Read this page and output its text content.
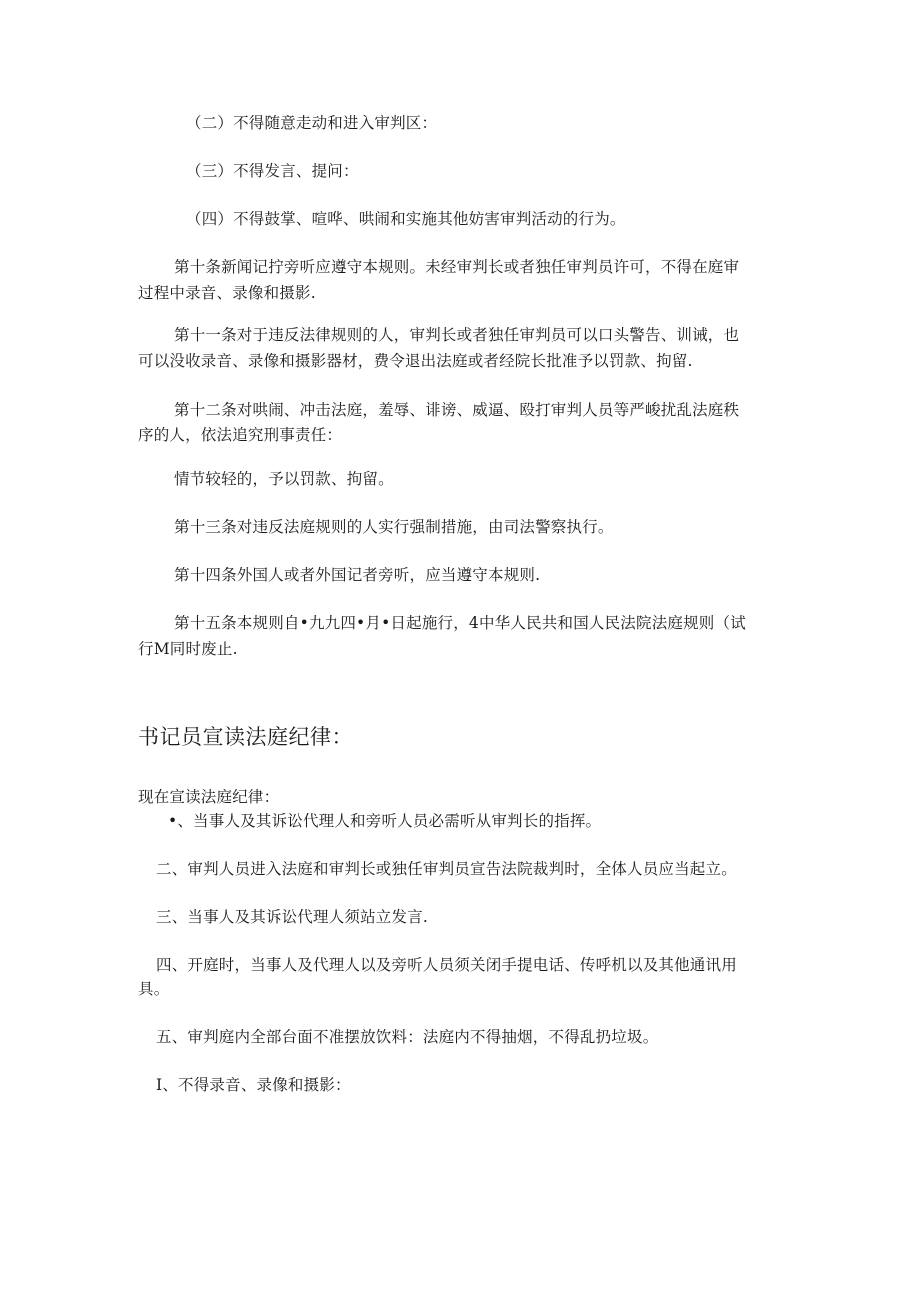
（二）不得随意走动和进入审判区：

（三）不得发言、提问：

（四）不得鼓掌、喧哗、哄闹和实施其他妨害审判活动的行为。

第十条新闻记拧旁听应遵守本规则。未经审判长或者独任审判员许可，不得在庭审

过程中录音、录像和摄影.

第十一条对于违反法律规则的人，审判长或者独任审判员可以口头警告、训诫，也

可以没收录音、录像和摄影器材，费令退出法庭或者经院长批准予以罚款、拘留.

第十二条对哄闹、冲击法庭，羞辱、诽谤、威逼、殴打审判人员等严峻扰乱法庭秩

序的人，依法追究刑事责任：

情节较轻的，予以罚款、拘留。

第十三条对违反法庭规则的人实行强制措施，由司法警察执行。

第十四条外国人或者外国记者旁听，应当遵守本规则.

第十五条本规则自•九九四•月•日起施行，4中华人民共和国人民法院法庭规则（试

行M同时废止.

书记员宣读法庭纪律：

现在宣读法庭纪律：

•、当事人及其诉讼代理人和旁听人员必需听从审判长的指挥。

二、审判人员进入法庭和审判长或独任审判员宣告法院裁判时，全体人员应当起立。

三、当事人及其诉讼代理人须站立发言.

四、开庭时，当事人及代理人以及旁听人员须关闭手提电话、传呼机以及其他通讯用

具。

五、审判庭内全部台面不准摆放饮料：法庭内不得抽烟，不得乱扔垃圾。

I、不得录音、录像和摄影：
